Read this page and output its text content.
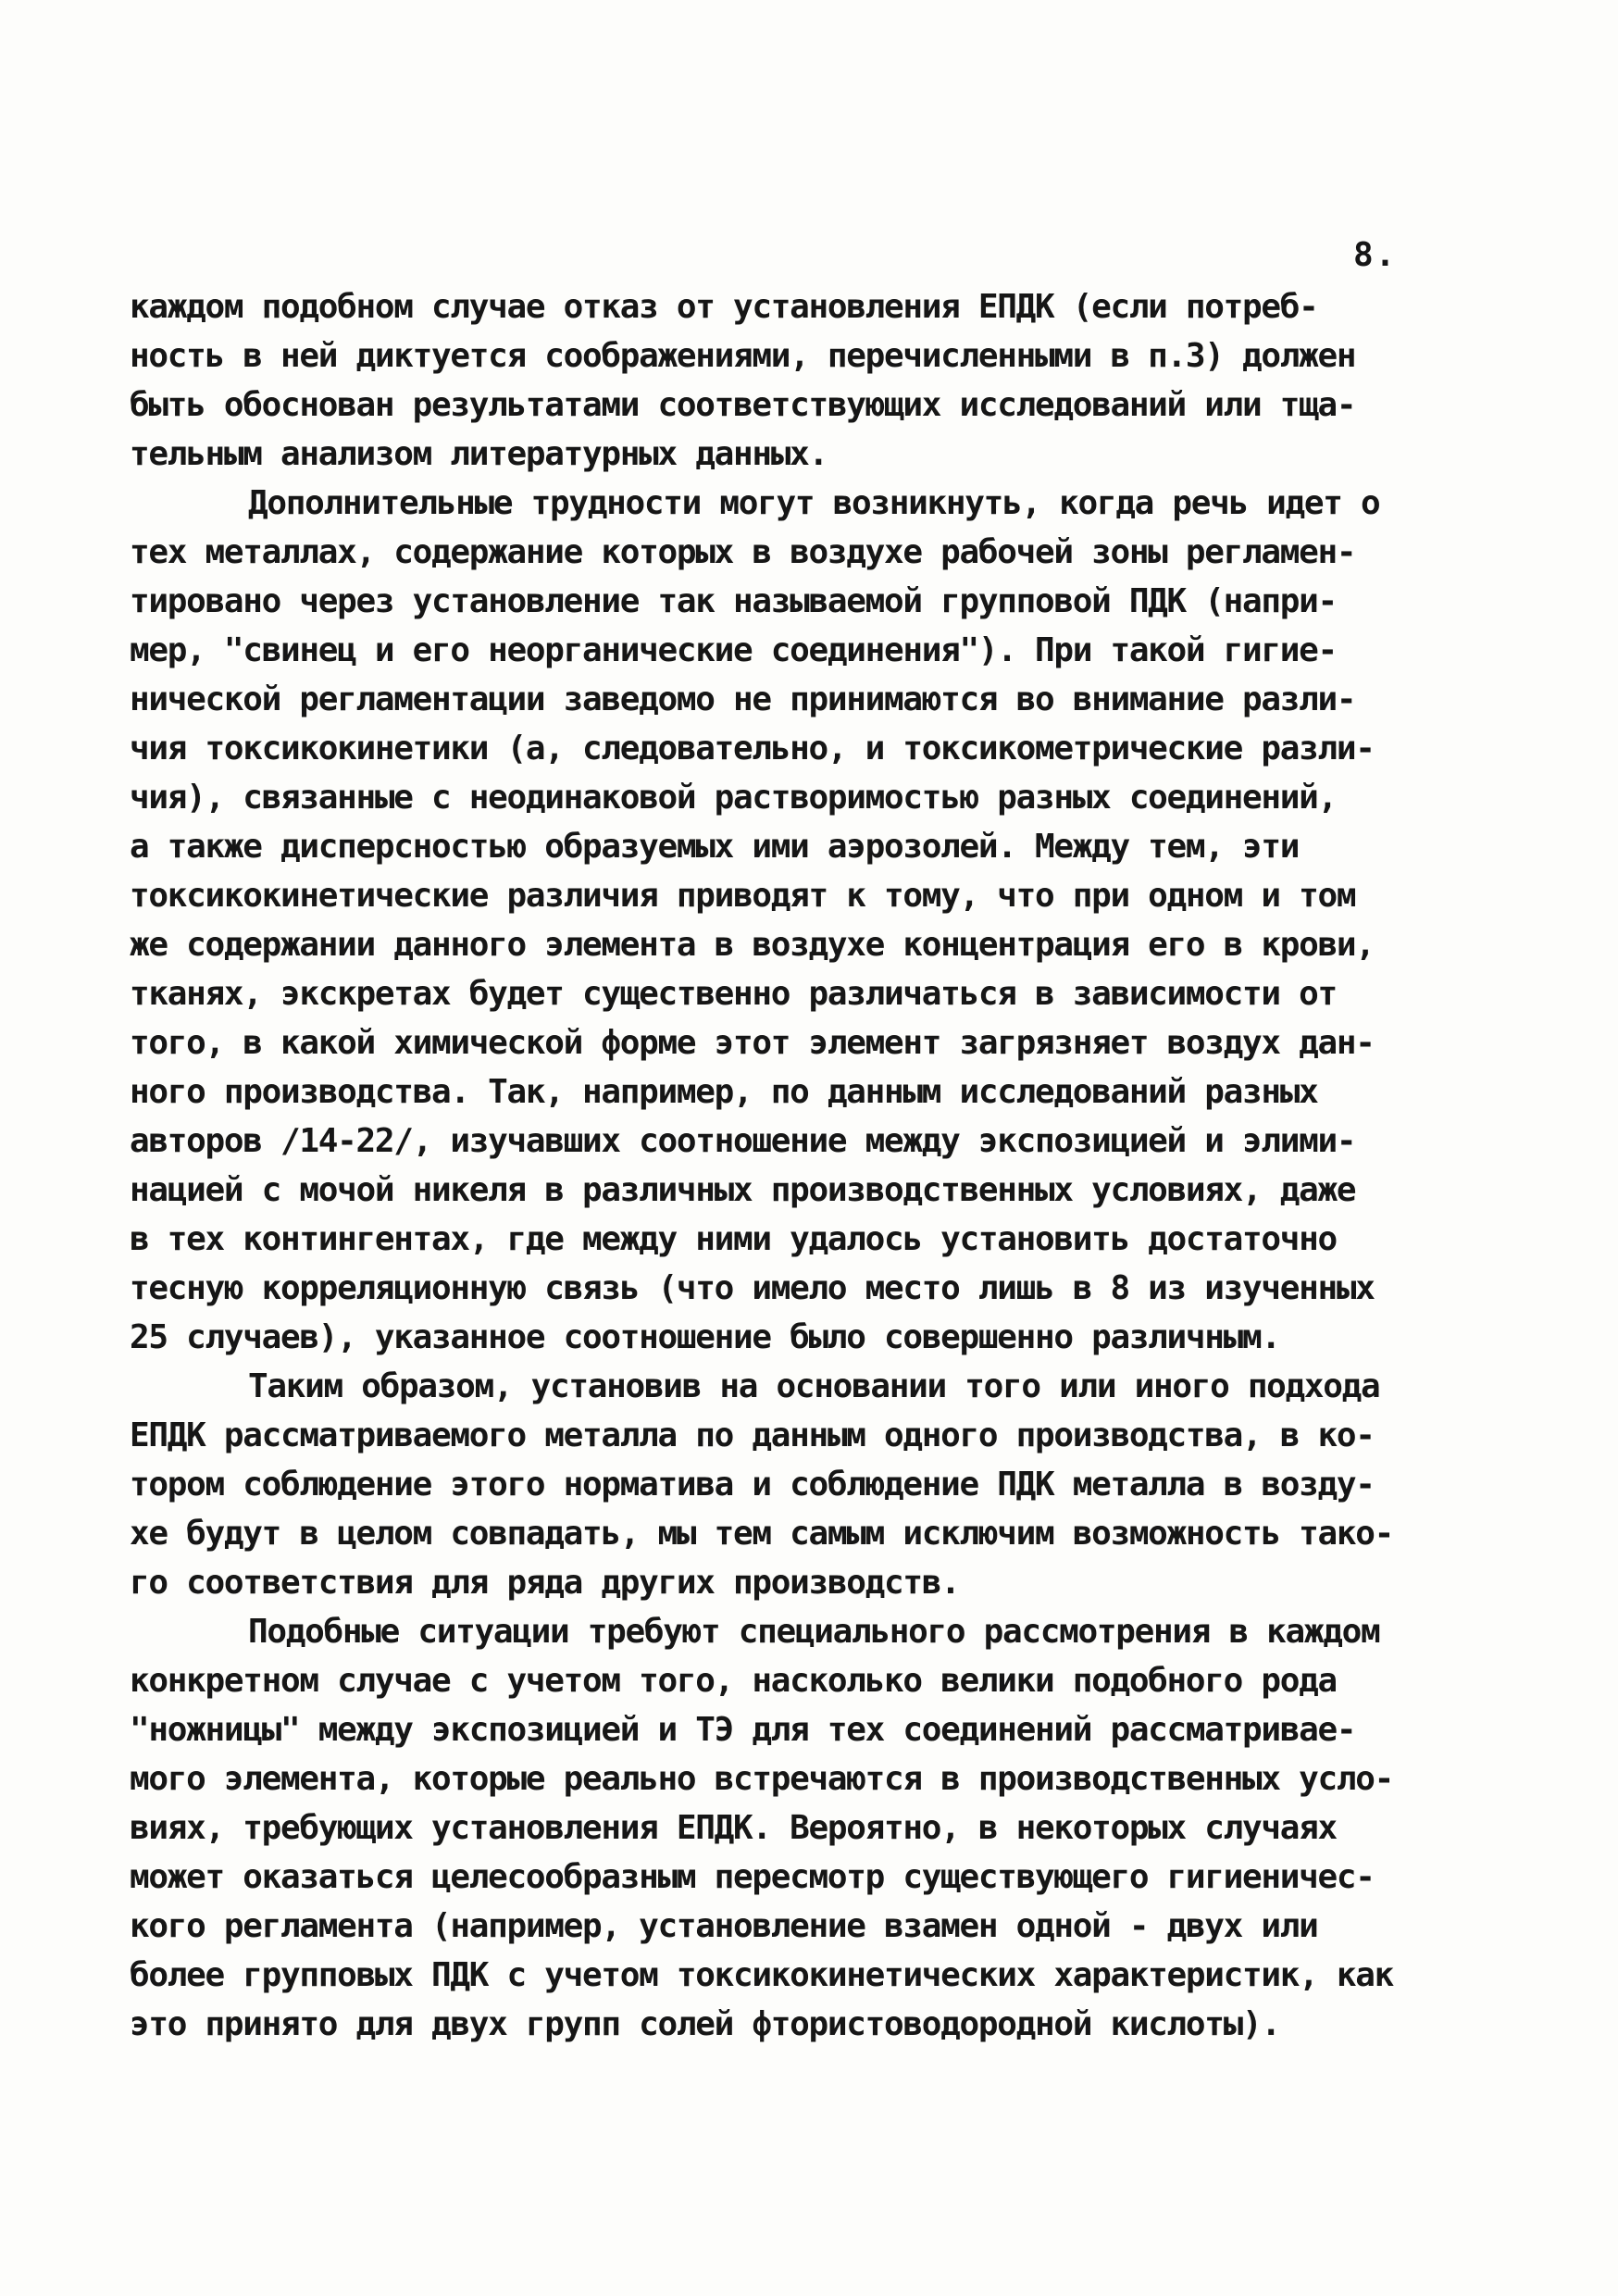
8.
каждом подобном случае отказ от установления ЕПДК (если потреб-
ность в ней диктуется соображениями, перечисленными в п.3) должен
быть обоснован результатами соответствующих исследований или тща-
тельным анализом литературных данных.
Дополнительные трудности могут возникнуть, когда речь идет о
тех металлах, содержание которых в воздухе рабочей зоны регламен-
тировано через установление так называемой групповой ПДК (напри-
мер, "свинец и его неорганические соединения"). При такой гигие-
нической регламентации заведомо не принимаются во внимание разли-
чия токсикокинетики (а, следовательно, и токсикометрические разли-
чия), связанные с неодинаковой растворимостью разных соединений,
а также дисперсностью образуемых ими аэрозолей. Между тем, эти
токсикокинетические различия приводят к тому, что при одном и том
же содержании данного элемента в воздухе концентрация его в крови,
тканях, экскретах будет существенно различаться в зависимости от
того, в какой химической форме этот элемент загрязняет воздух дан-
ного производства. Так, например, по данным исследований разных
авторов /14-22/, изучавших соотношение между экспозицией и элими-
нацией с мочой никеля в различных производственных условиях, даже
в тех контингентах, где между ними удалось установить достаточно
тесную корреляционную связь (что имело место лишь в 8 из изученных
25 случаев), указанное соотношение было совершенно различным.
Таким образом, установив на основании того или иного подхода
ЕПДК рассматриваемого металла по данным одного производства, в ко-
тором соблюдение этого норматива и соблюдение ПДК металла в возду-
хе будут в целом совпадать, мы тем самым исключим возможность тако-
го соответствия для ряда других производств.
Подобные ситуации требуют специального рассмотрения в каждом
конкретном случае с учетом того, насколько велики подобного рода
"ножницы" между экспозицией и ТЭ для тех соединений рассматривае-
мого элемента, которые реально встречаются в производственных усло-
виях, требующих установления ЕПДК. Вероятно, в некоторых случаях
может оказаться целесообразным пересмотр существующего гигиеничес-
кого регламента (например, установление взамен одной - двух или
более групповых ПДК с учетом токсикокинетических характеристик, как
это принято для двух групп солей фтористоводородной кислоты).
